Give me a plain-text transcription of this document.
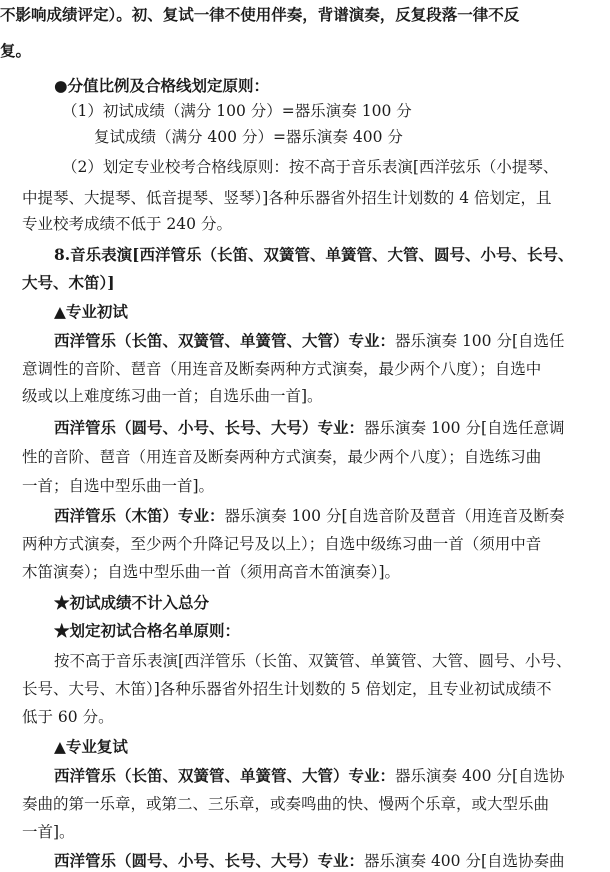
不影响成绩评定）。初、复试一律不使用伴奏，背谱演奏，反复段落一律不反
复。
●分值比例及合格线划定原则：
（1）初试成绩（满分 100 分）=器乐演奏 100 分
复试成绩（满分 400 分）=器乐演奏 400 分
（2）划定专业校考合格线原则：按不高于音乐表演[西洋弦乐（小提琴、
中提琴、大提琴、低音提琴、竖琴）]各种乐器省外招生计划数的 4 倍划定，且
专业校考成绩不低于 240 分。
8.音乐表演[西洋管乐（长笛、双簧管、单簧管、大管、圆号、小号、长号、
大号、木笛）]
▲专业初试
西洋管乐（长笛、双簧管、单簧管、大管）专业：器乐演奏 100 分[自选任
意调性的音阶、琶音（用连音及断奏两种方式演奏，最少两个八度）；自选中
级或以上难度练习曲一首；自选乐曲一首]。
西洋管乐（圆号、小号、长号、大号）专业：器乐演奏 100 分[自选任意调
性的音阶、琶音（用连音及断奏两种方式演奏，最少两个八度）；自选练习曲
一首；自选中型乐曲一首]。
西洋管乐（木笛）专业：器乐演奏 100 分[自选音阶及琶音（用连音及断奏
两种方式演奏，至少两个升降记号及以上）；自选中级练习曲一首（须用中音
木笛演奏）；自选中型乐曲一首（须用高音木笛演奏）]。
★初试成绩不计入总分
★划定初试合格名单原则：
按不高于音乐表演[西洋管乐（长笛、双簧管、单簧管、大管、圆号、小号、
长号、大号、木笛）]各种乐器省外招生计划数的 5 倍划定，且专业初试成绩不
低于 60 分。
▲专业复试
西洋管乐（长笛、双簧管、单簧管、大管）专业：器乐演奏 400 分[自选协
奏曲的第一乐章，或第二、三乐章，或奏鸣曲的快、慢两个乐章，或大型乐曲
一首]。
西洋管乐（圆号、小号、长号、大号）专业：器乐演奏 400 分[自选协奏曲
